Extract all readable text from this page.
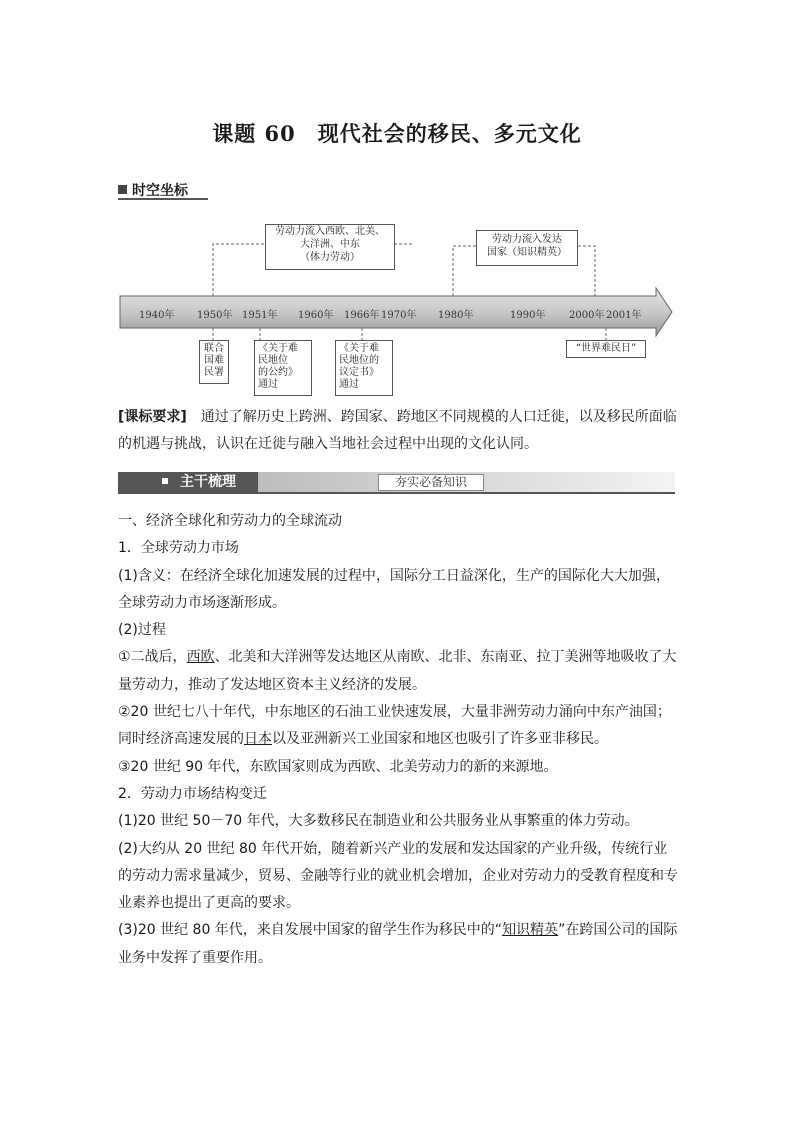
课题 60　现代社会的移民、多元文化
时空坐标
劳动力流入西欧、北美、
大洋洲、中东
（体力劳动）
劳动力流入发达
国家（知识精英）
1940年 1950年 1951年 1960年 1966年 1970年 1980年	1990年 2000年 2001年
联合
国难
民署
《关于难
民地位
的公约》
通过
《关于难
民地位的
议定书》
通过
“世界难民日”
[课标要求]　通过了解历史上跨洲、跨国家、跨地区不同规模的人口迁徙，以及移民所面临的机遇与挑战，认识在迁徙与融入当地社会过程中出现的文化认同。
主干梳理	夯实必备知识

一、经济全球化和劳动力的全球流动

1．全球劳动力市场

(1)含义：在经济全球化加速发展的过程中，国际分工日益深化，生产的国际化大大加强，全球劳动力市场逐渐形成。

(2)过程

①二战后，西欧、北美和大洋洲等发达地区从南欧、北非、东南亚、拉丁美洲等地吸收了大量劳动力，推动了发达地区资本主义经济的发展。

②20 世纪七八十年代，中东地区的石油工业快速发展，大量非洲劳动力涌向中东产油国；同时经济高速发展的日本以及亚洲新兴工业国家和地区也吸引了许多亚非移民。

③20 世纪 90 年代，东欧国家则成为西欧、北美劳动力的新的来源地。

2．劳动力市场结构变迁

(1)20 世纪 50－70 年代，大多数移民在制造业和公共服务业从事繁重的体力劳动。

(2)大约从 20 世纪 80 年代开始，随着新兴产业的发展和发达国家的产业升级，传统行业的劳动力需求量减少，贸易、金融等行业的就业机会增加，企业对劳动力的受教育程度和专业素养也提出了更高的要求。

(3)20 世纪 80 年代，来自发展中国家的留学生作为移民中的“知识精英”在跨国公司的国际业务中发挥了重要作用。
